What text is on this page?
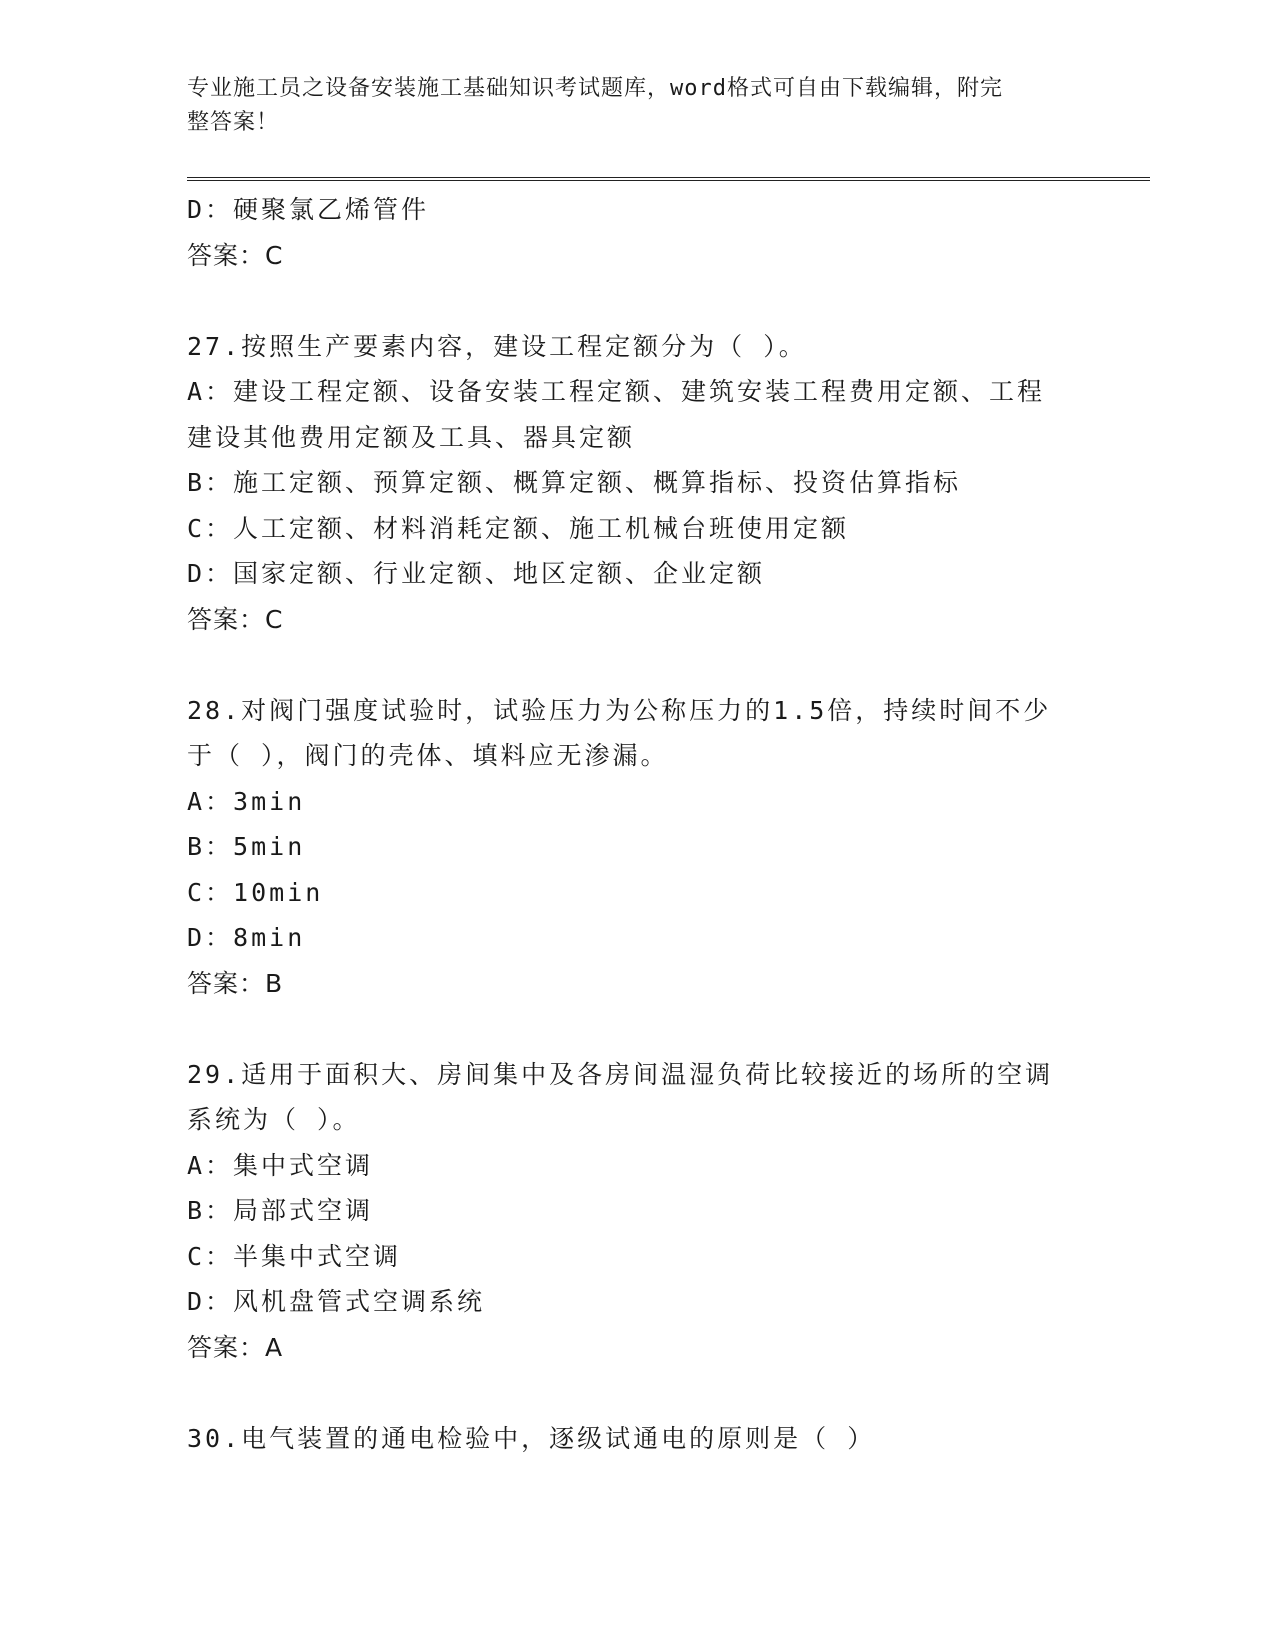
专业施工员之设备安装施工基础知识考试题库，word格式可自由下载编辑，附完
整答案！
D：硬聚氯乙烯管件
答案：C
27.按照生产要素内容，建设工程定额分为（ ）。
A：建设工程定额、设备安装工程定额、建筑安装工程费用定额、工程
建设其他费用定额及工具、器具定额
B：施工定额、预算定额、概算定额、概算指标、投资估算指标
C：人工定额、材料消耗定额、施工机械台班使用定额
D：国家定额、行业定额、地区定额、企业定额
答案：C
28.对阀门强度试验时，试验压力为公称压力的1.5倍，持续时间不少
于（ ），阀门的壳体、填料应无渗漏。
A：3min
B：5min
C：10min
D：8min
答案：B
29.适用于面积大、房间集中及各房间温湿负荷比较接近的场所的空调
系统为（ ）。
A：集中式空调
B：局部式空调
C：半集中式空调
D：风机盘管式空调系统
答案：A
30.电气装置的通电检验中，逐级试通电的原则是（ ）
